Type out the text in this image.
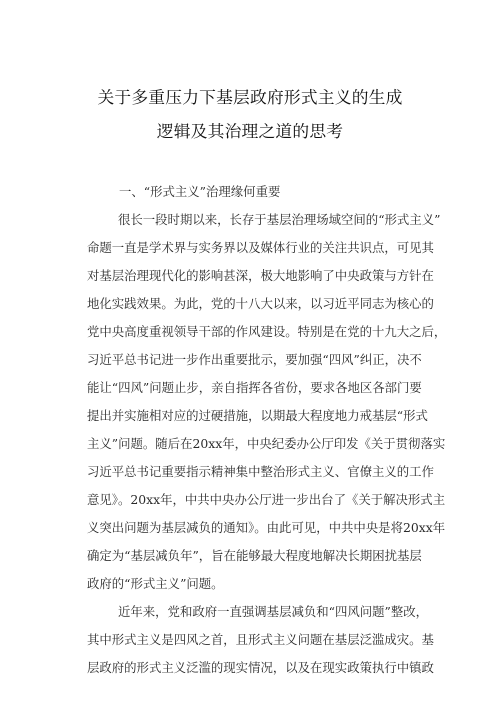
关于多重压力下基层政府形式主义的生成
逻辑及其治理之道的思考
一、“形式主义”治理缘何重要
很长一段时期以来，长存于基层治理场域空间的“形式主义”
命题一直是学术界与实务界以及媒体行业的关注共识点，可见其
对基层治理现代化的影响甚深，极大地影响了中央政策与方针在
地化实践效果。为此，党的十八大以来，以习近平同志为核心的
党中央高度重视领导干部的作风建设。特别是在党的十九大之后，
习近平总书记进一步作出重要批示，要加强“四风”纠正，决不
能让“四风”问题止步，亲自指挥各省份，要求各地区各部门要
提出并实施相对应的过硬措施，以期最大程度地力戒基层“形式
主义”问题。随后在20xx年，中央纪委办公厅印发《关于贯彻落实
习近平总书记重要指示精神集中整治形式主义、官僚主义的工作
意见》。20xx年，中共中央办公厅进一步出台了《关于解决形式主
义突出问题为基层减负的通知》。由此可见，中共中央是将20xx年
确定为“基层减负年”，旨在能够最大程度地解决长期困扰基层
政府的“形式主义”问题。
近年来，党和政府一直强调基层减负和“四风问题”整改，
其中形式主义是四风之首，且形式主义问题在基层泛滥成灾。基
层政府的形式主义泛滥的现实情况，以及在现实政策执行中镇政
